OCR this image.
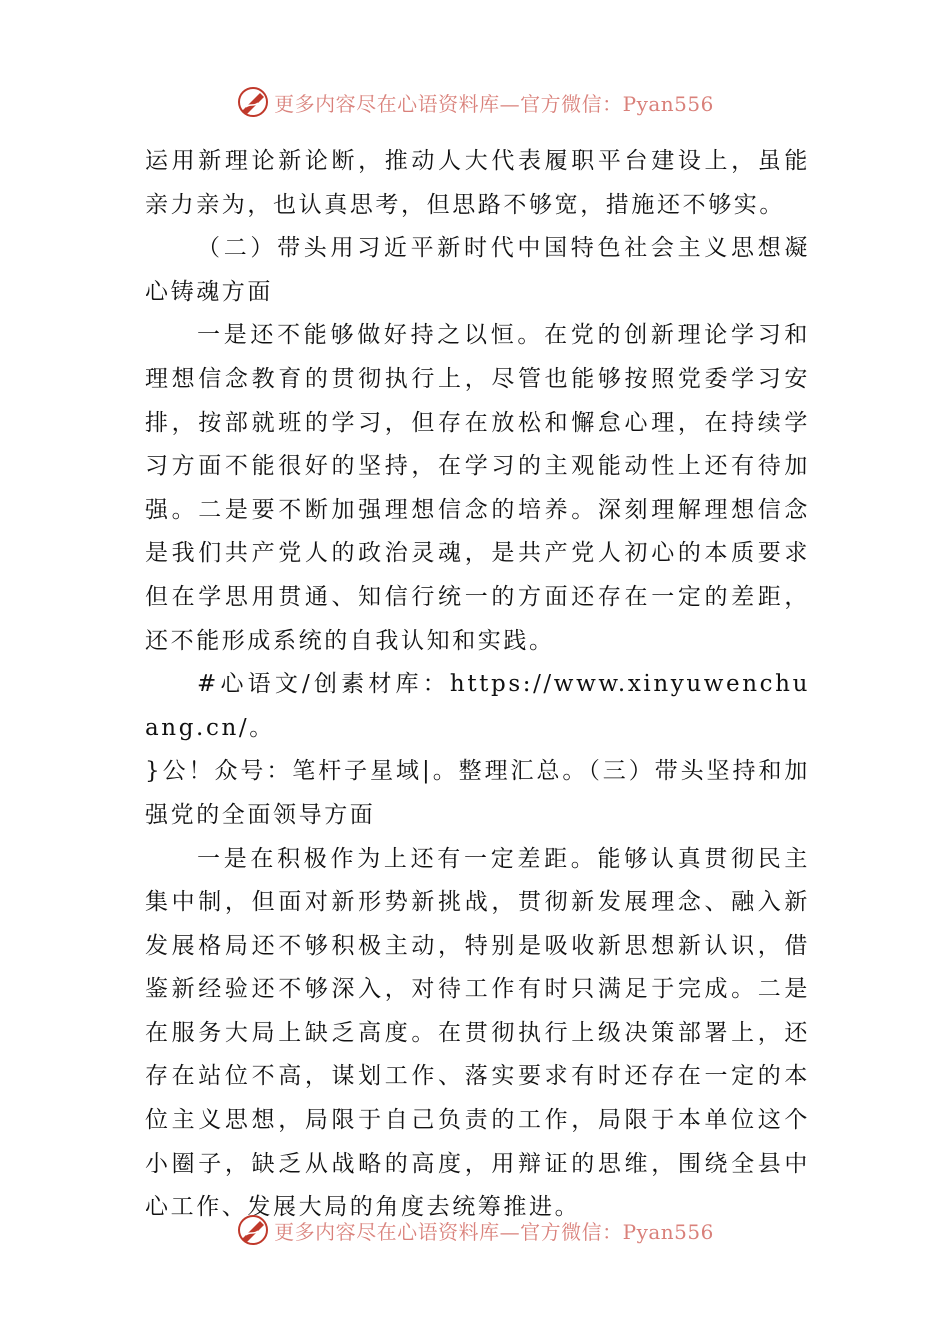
更多内容尽在心语资料库—官方微信：Pyan556

运用新理论新论断，推动人大代表履职平台建设上，虽能亲力亲为，也认真思考，但思路不够宽，措施还不够实。

（二）带头用习近平新时代中国特色社会主义思想凝心铸魂方面

一是还不能够做好持之以恒。在党的创新理论学习和理想信念教育的贯彻执行上，尽管也能够按照党委学习安排，按部就班的学习，但存在放松和懈怠心理，在持续学习方面不能很好的坚持，在学习的主观能动性上还有待加强。二是要不断加强理想信念的培养。深刻理解理想信念是我们共产党人的政治灵魂，是共产党人初心的本质要求但在学思用贯通、知信行统一的方面还存在一定的差距，还不能形成系统的自我认知和实践。

#心语文/创素材库：https://www.xinyuwenchuang.cn/。

}公！众号：笔杆子星域|。整理汇总。（三）带头坚持和加强党的全面领导方面

一是在积极作为上还有一定差距。能够认真贯彻民主集中制，但面对新形势新挑战，贯彻新发展理念、融入新发展格局还不够积极主动，特别是吸收新思想新认识，借鉴新经验还不够深入，对待工作有时只满足于完成。二是在服务大局上缺乏高度。在贯彻执行上级决策部署上，还存在站位不高，谋划工作、落实要求有时还存在一定的本位主义思想，局限于自己负责的工作，局限于本单位这个小圈子，缺乏从战略的高度，用辩证的思维，围绕全县中心工作、发展大局的角度去统筹推进。

更多内容尽在心语资料库—官方微信：Pyan556
